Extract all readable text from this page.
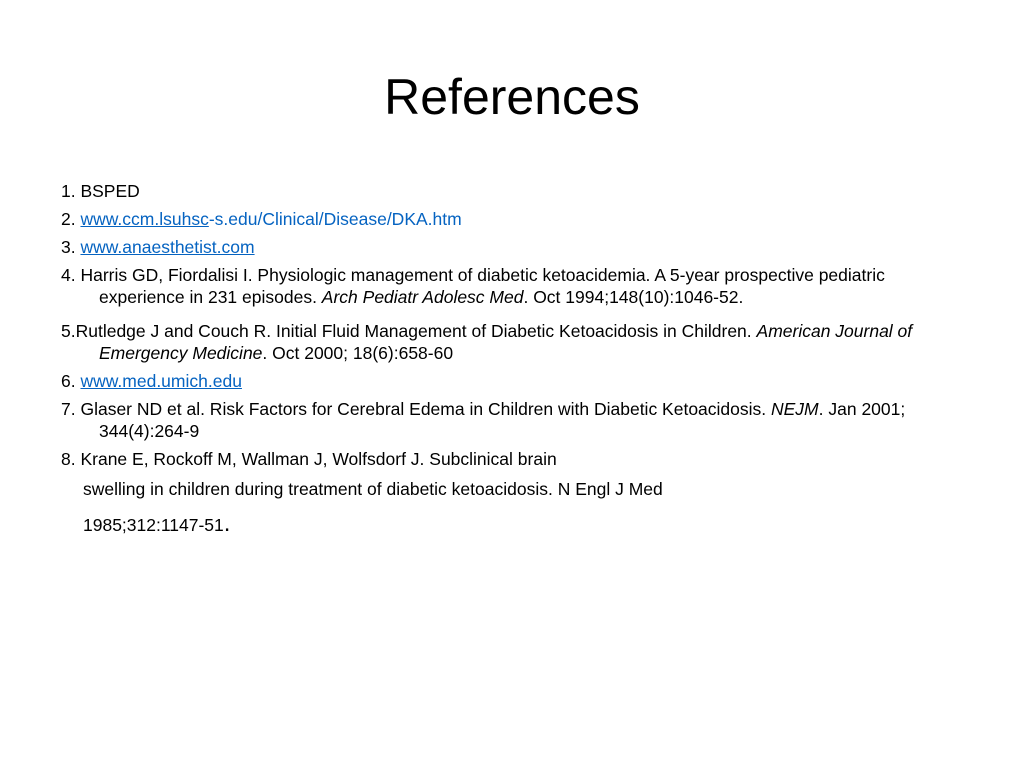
References

1. BSPED

2. www.ccm.lsuhsc-s.edu/Clinical/Disease/DKA.htm

3. www.anaesthetist.com

4. Harris GD, Fiordalisi I. Physiologic management of diabetic ketoacidemia. A 5-year prospective pediatric experience in 231 episodes. Arch Pediatr Adolesc Med. Oct 1994;148(10):1046-52.

5.Rutledge J and Couch R. Initial Fluid Management of Diabetic Ketoacidosis in Children. American Journal of Emergency Medicine. Oct 2000; 18(6):658-60

6. www.med.umich.edu

7. Glaser ND et al. Risk Factors for Cerebral Edema in Children with Diabetic Ketoacidosis. NEJM. Jan 2001; 344(4):264-9

8. Krane E, Rockoff M, Wallman J, Wolfsdorf J. Subclinical brain

swelling in children during treatment of diabetic ketoacidosis. N Engl J Med

1985;312:1147-51.
